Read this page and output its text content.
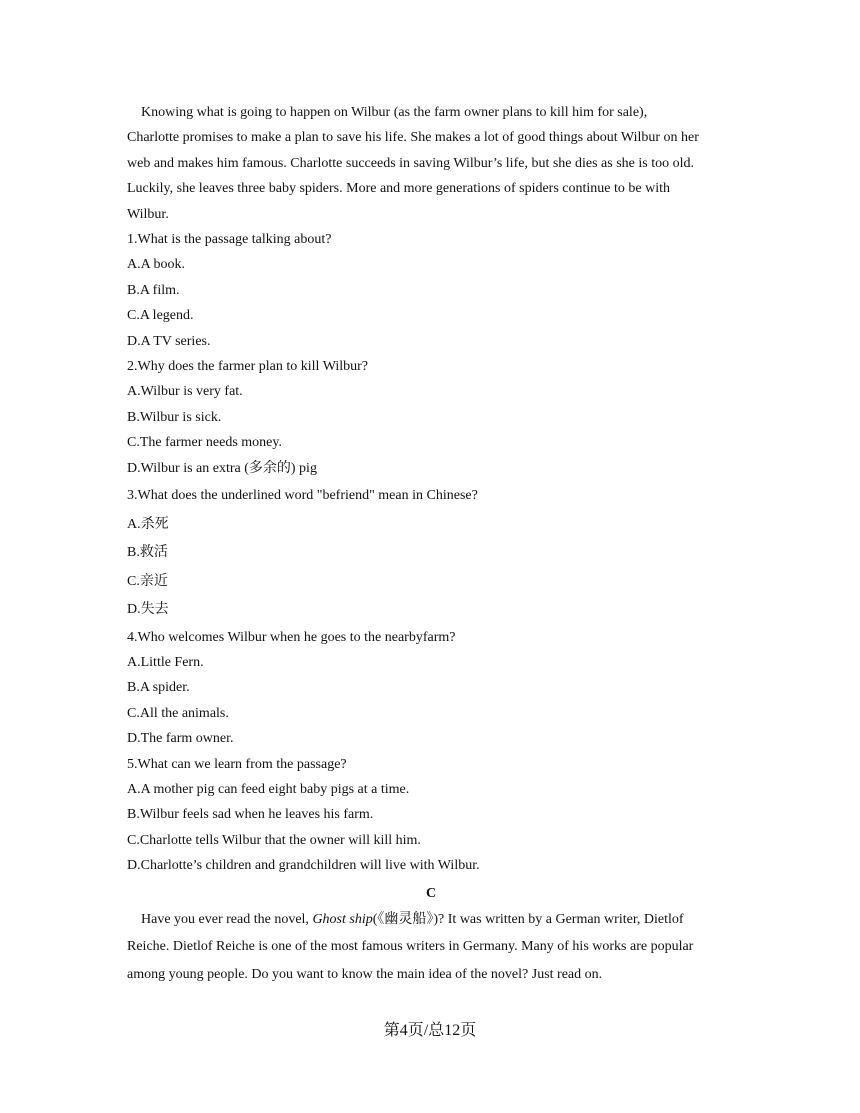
Knowing what is going to happen on Wilbur (as the farm owner plans to kill him for sale),
Charlotte promises to make a plan to save his life. She makes a lot of good things about Wilbur on her
web and makes him famous. Charlotte succeeds in saving Wilbur’s life, but she dies as she is too old.
Luckily, she leaves three baby spiders. More and more generations of spiders continue to be with
Wilbur.
1.What is the passage talking about?
A.A book.
B.A film.
C.A legend.
D.A TV series.
2.Why does the farmer plan to kill Wilbur?
A.Wilbur is very fat.
B.Wilbur is sick.
C.The farmer needs money.
D.Wilbur is an extra (多余的) pig
3.What does the underlined word "befriend" mean in Chinese?
A.杀死
B.救活
C.亲近
D.失去
4.Who welcomes Wilbur when he goes to the nearbyfarm?
A.Little Fern.
B.A spider.
C.All the animals.
D.The farm owner.
5.What can we learn from the passage?
A.A mother pig can feed eight baby pigs at a time.
B.Wilbur feels sad when he leaves his farm.
C.Charlotte tells Wilbur that the owner will kill him.
D.Charlotte’s children and grandchildren will live with Wilbur.
C
Have you ever read the novel, Ghost ship(《幽灵船》)? It was written by a German writer, Dietlof
Reiche. Dietlof Reiche is one of the most famous writers in Germany. Many of his works are popular
among young people. Do you want to know the main idea of the novel? Just read on.
第4页/总12页
